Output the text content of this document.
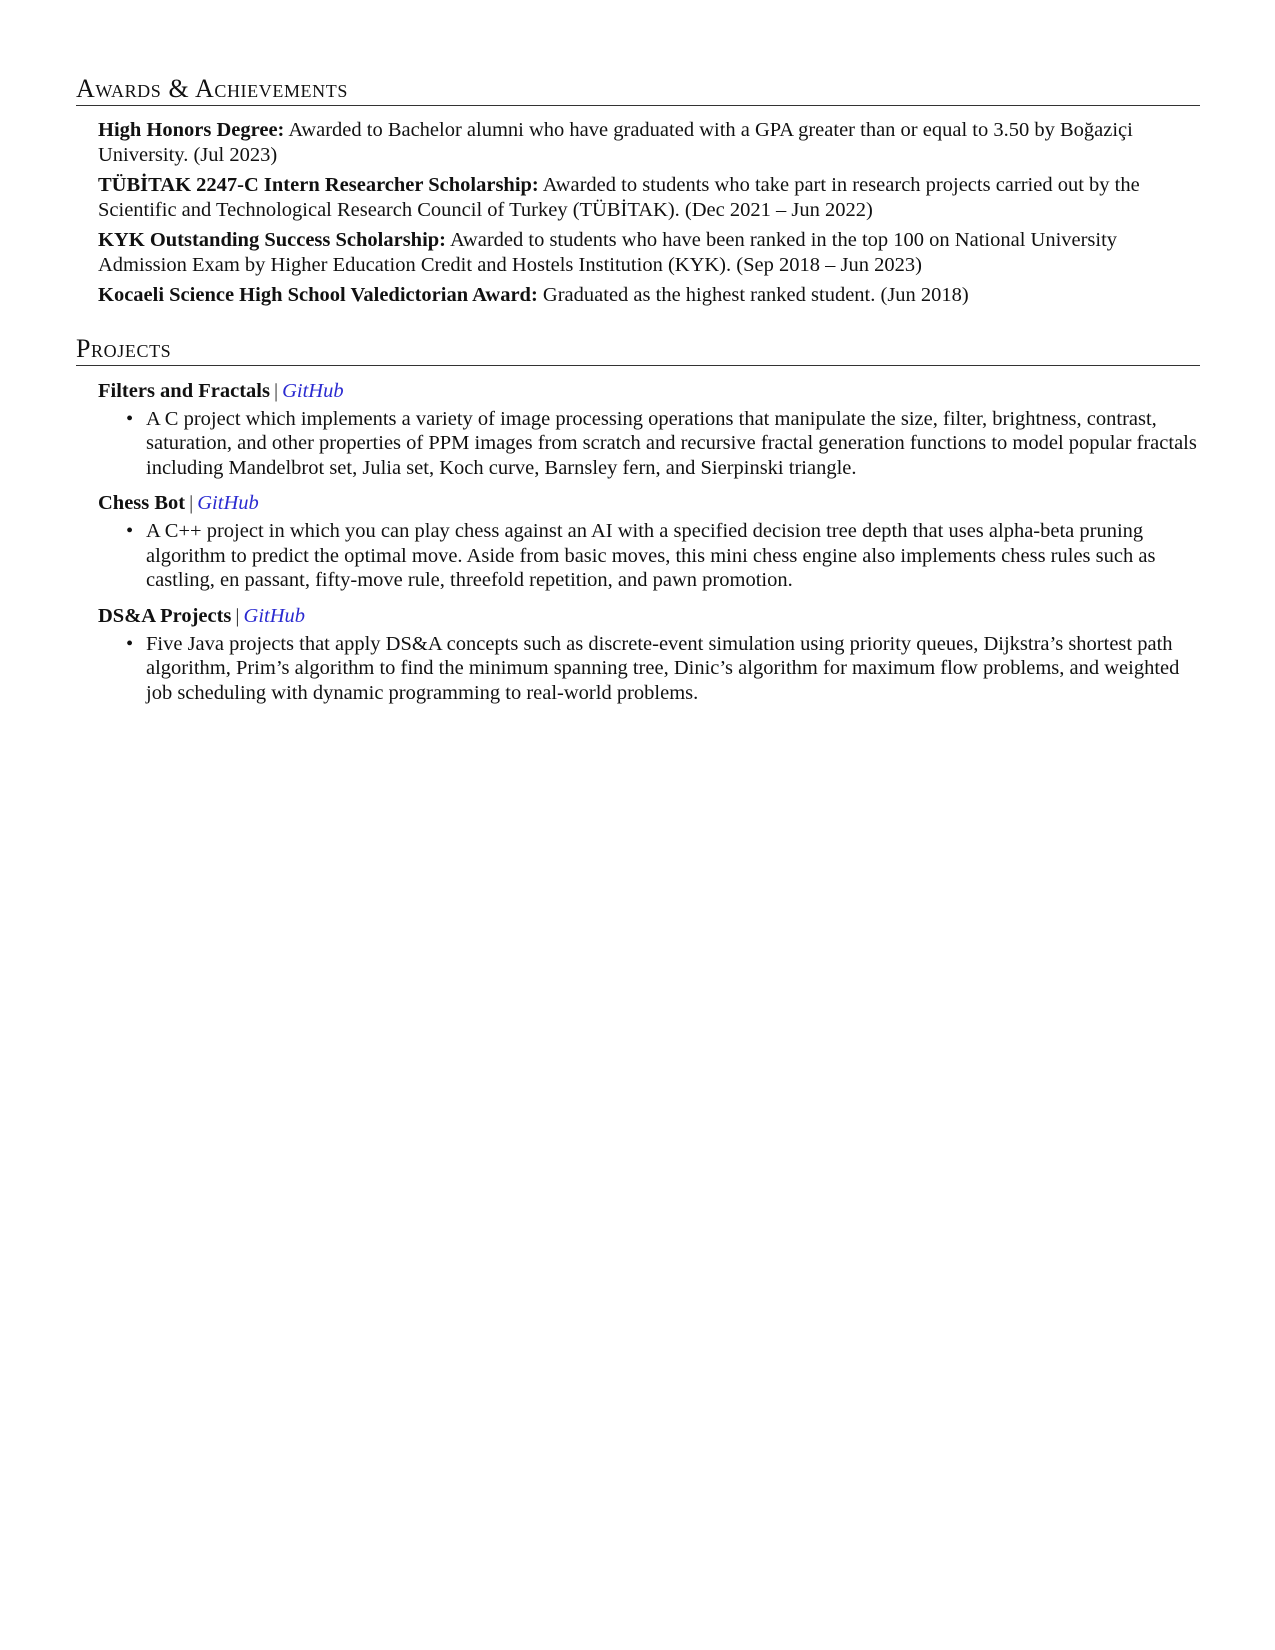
Awards & Achievements
High Honors Degree: Awarded to Bachelor alumni who have graduated with a GPA greater than or equal to 3.50 by Boğaziçi University. (Jul 2023)
TÜBİTAK 2247-C Intern Researcher Scholarship: Awarded to students who take part in research projects carried out by the Scientific and Technological Research Council of Turkey (TÜBİTAK). (Dec 2021 – Jun 2022)
KYK Outstanding Success Scholarship: Awarded to students who have been ranked in the top 100 on National University Admission Exam by Higher Education Credit and Hostels Institution (KYK). (Sep 2018 – Jun 2023)
Kocaeli Science High School Valedictorian Award: Graduated as the highest ranked student. (Jun 2018)
Projects
Filters and Fractals | GitHub
• A C project which implements a variety of image processing operations that manipulate the size, filter, brightness, contrast, saturation, and other properties of PPM images from scratch and recursive fractal generation functions to model popular fractals including Mandelbrot set, Julia set, Koch curve, Barnsley fern, and Sierpinski triangle.
Chess Bot | GitHub
• A C++ project in which you can play chess against an AI with a specified decision tree depth that uses alpha-beta pruning algorithm to predict the optimal move. Aside from basic moves, this mini chess engine also implements chess rules such as castling, en passant, fifty-move rule, threefold repetition, and pawn promotion.
DS&A Projects | GitHub
• Five Java projects that apply DS&A concepts such as discrete-event simulation using priority queues, Dijkstra’s shortest path algorithm, Prim’s algorithm to find the minimum spanning tree, Dinic’s algorithm for maximum flow problems, and weighted job scheduling with dynamic programming to real-world problems.
